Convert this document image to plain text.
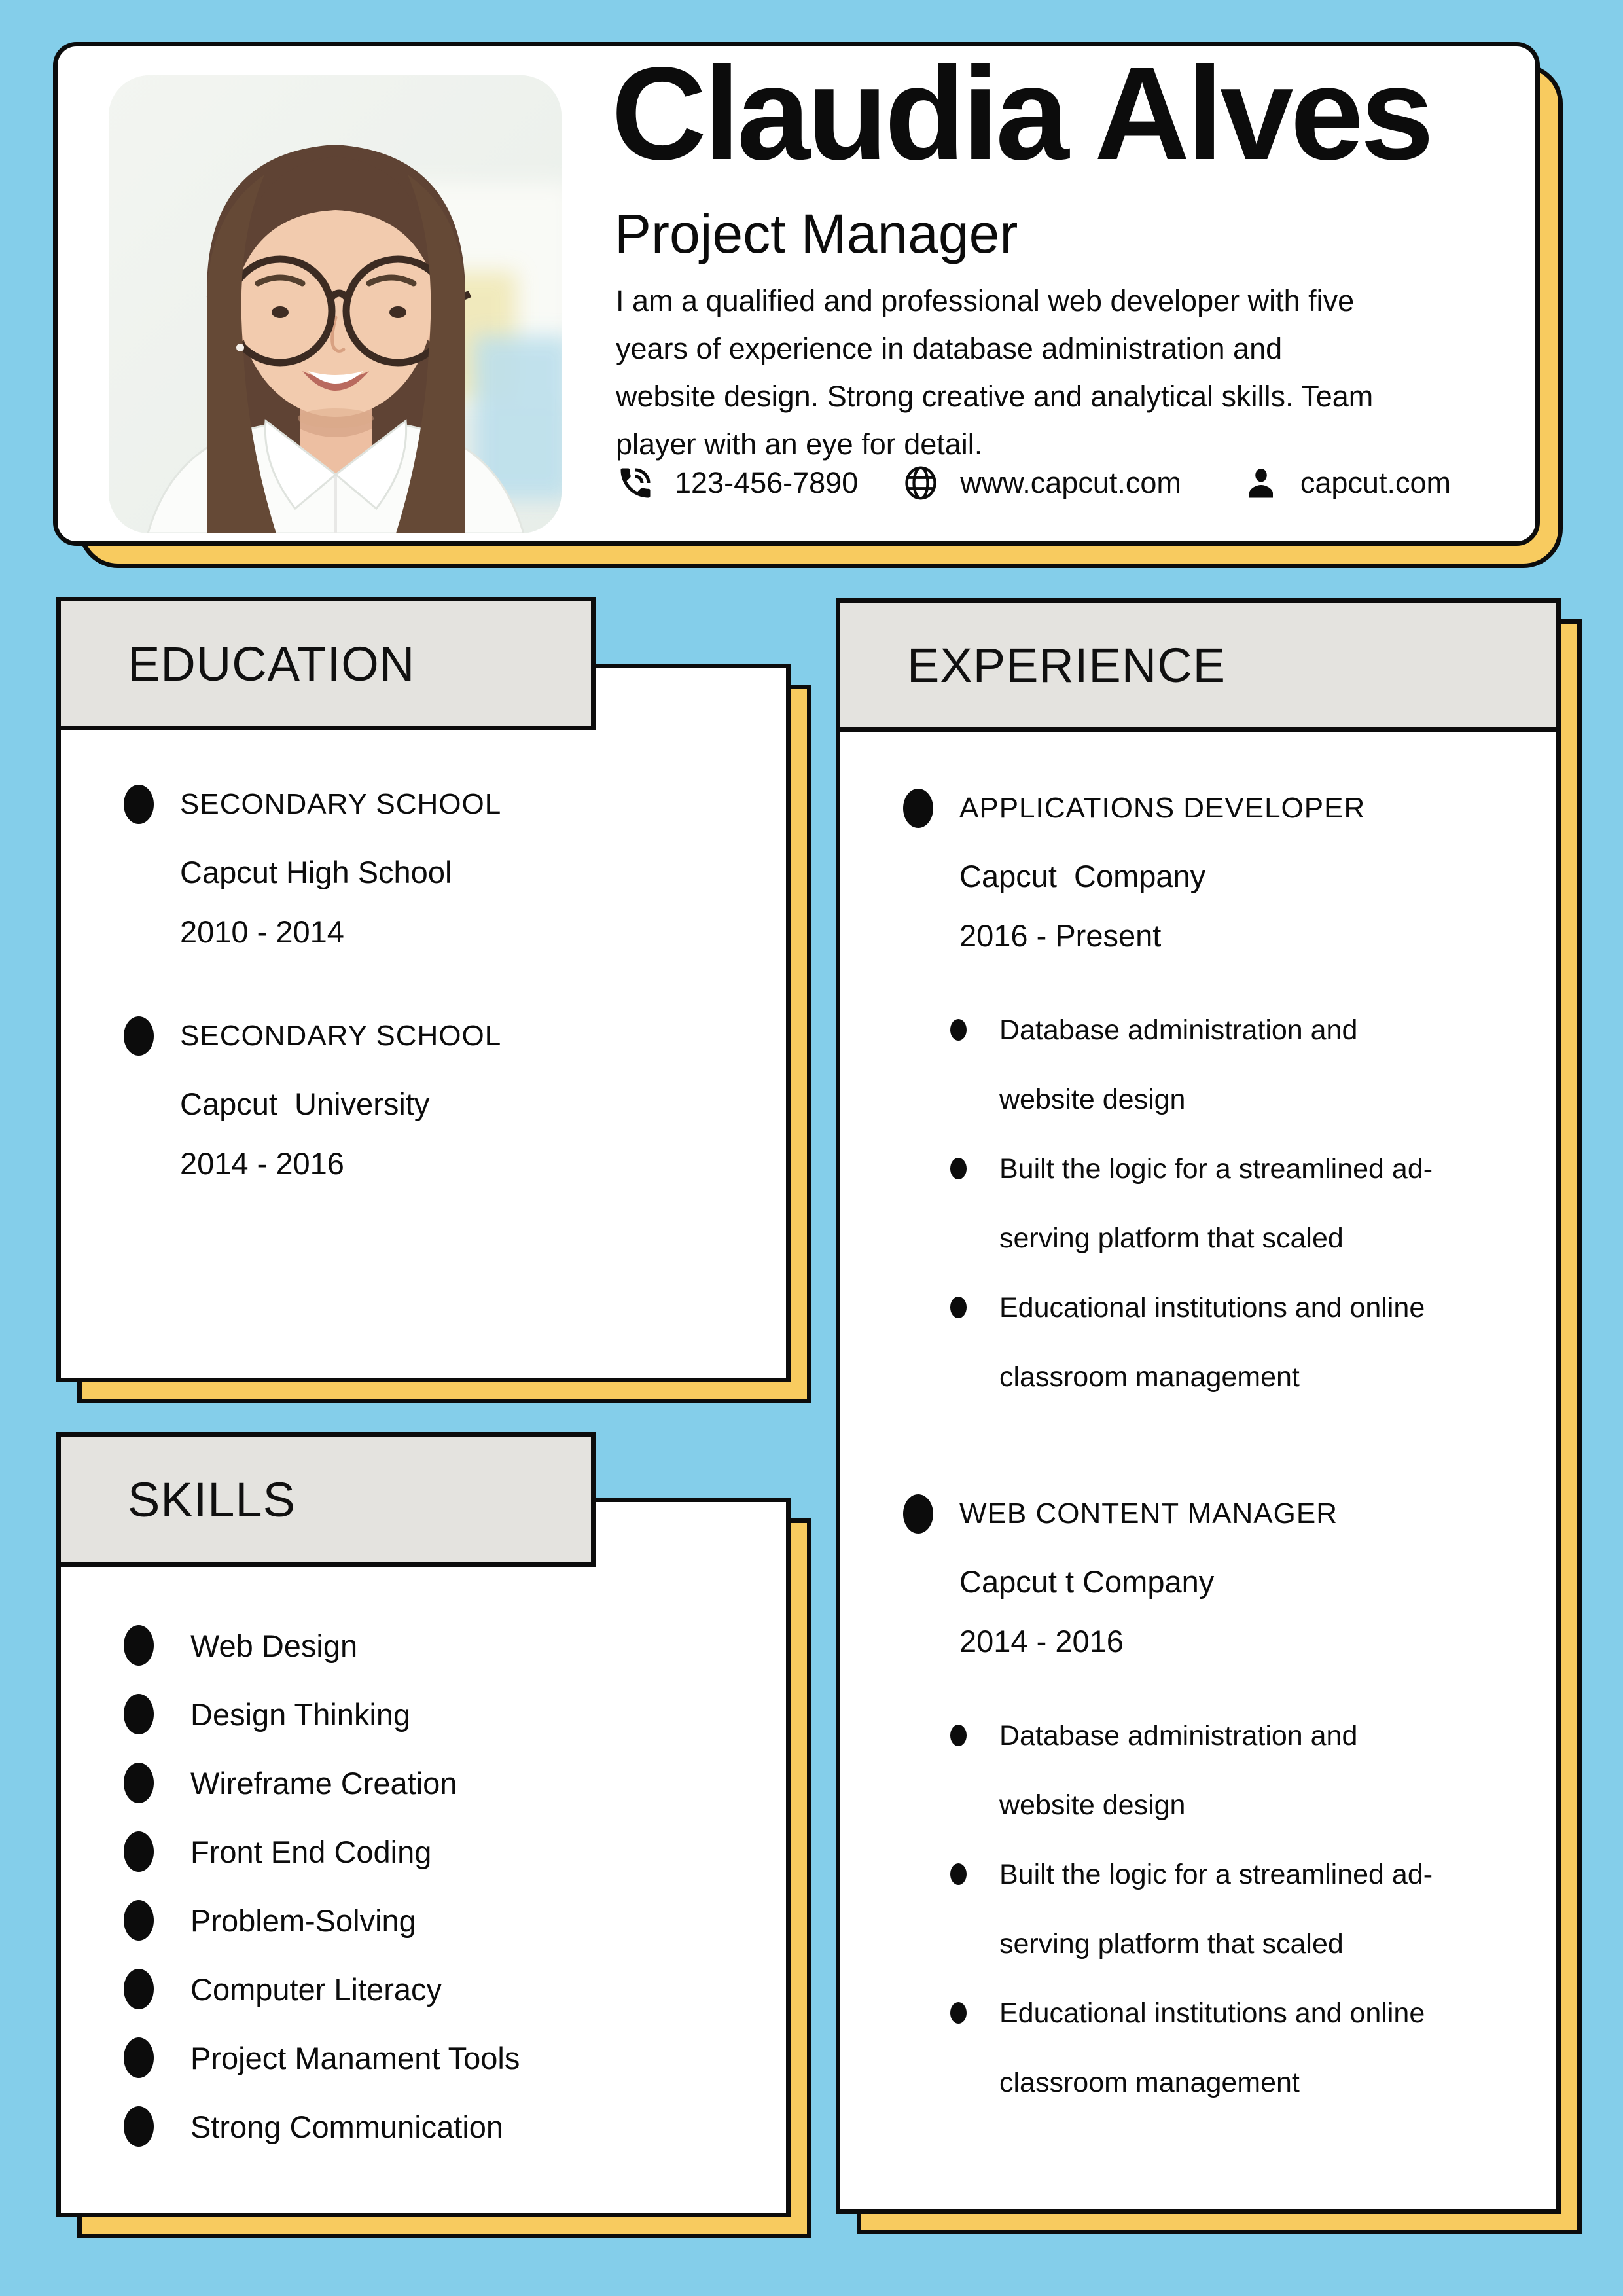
Claudia Alves
Project Manager
I am a qualified and professional web developer with five
years of experience in database administration and
website design. Strong creative and analytical skills. Team
player with an eye for detail.
123-456-7890	www.capcut.com	capcut.com
SECONDARY SCHOOL
Capcut High School
2010 - 2014
SECONDARY SCHOOL
Capcut  University
2014 - 2016
EDUCATION
Web Design
Design Thinking
Wireframe Creation
Front End Coding
Problem-Solving
Computer Literacy
Project Manament Tools
Strong Communication
SKILLS
EXPERIENCE
APPLICATIONS DEVELOPER
Capcut  Company
2016 - Present
Database administration and
website design
Built the logic for a streamlined ad-
serving platform that scaled
Educational institutions and online
classroom management
WEB CONTENT MANAGER
Capcut t Company
2014 - 2016
Database administration and
website design
Built the logic for a streamlined ad-
serving platform that scaled
Educational institutions and online
classroom management
